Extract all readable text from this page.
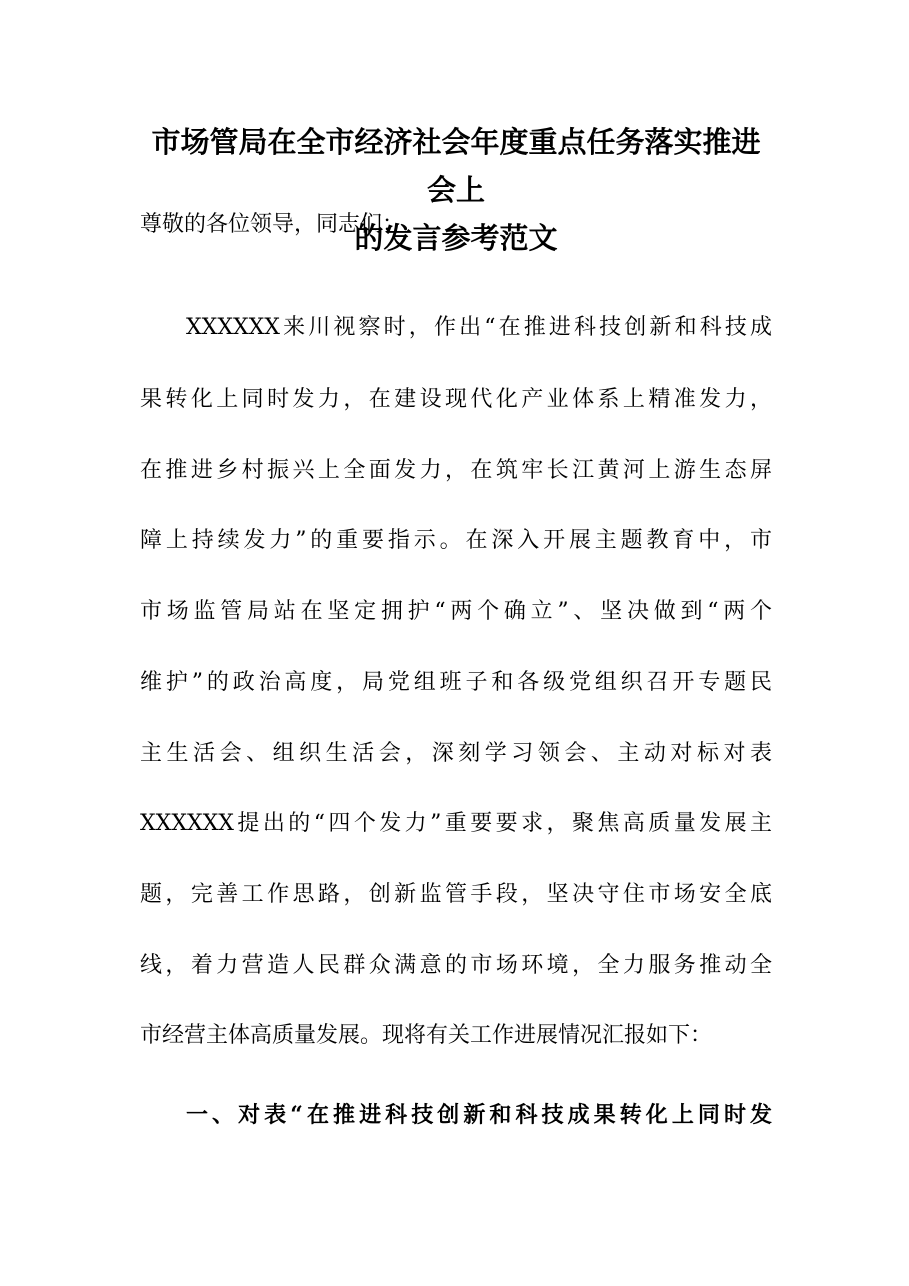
市场管局在全市经济社会年度重点任务落实推进会上
的发言参考范文

尊敬的各位领导，同志们：

XXXXXX来川视察时，作出“在推进科技创新和科技成
果转化上同时发力，在建设现代化产业体系上精准发力，
在推进乡村振兴上全面发力，在筑牢长江黄河上游生态屏
障上持续发力”的重要指示。在深入开展主题教育中，市
市场监管局站在坚定拥护“两个确立”、坚决做到“两个
维护”的政治高度，局党组班子和各级党组织召开专题民
主生活会、组织生活会，深刻学习领会、主动对标对表
XXXXXX提出的“四个发力”重要要求，聚焦高质量发展主
题，完善工作思路，创新监管手段，坚决守住市场安全底
线，着力营造人民群众满意的市场环境，全力服务推动全
市经营主体高质量发展。现将有关工作进展情况汇报如下：
一、对表“在推进科技创新和科技成果转化上同时发
